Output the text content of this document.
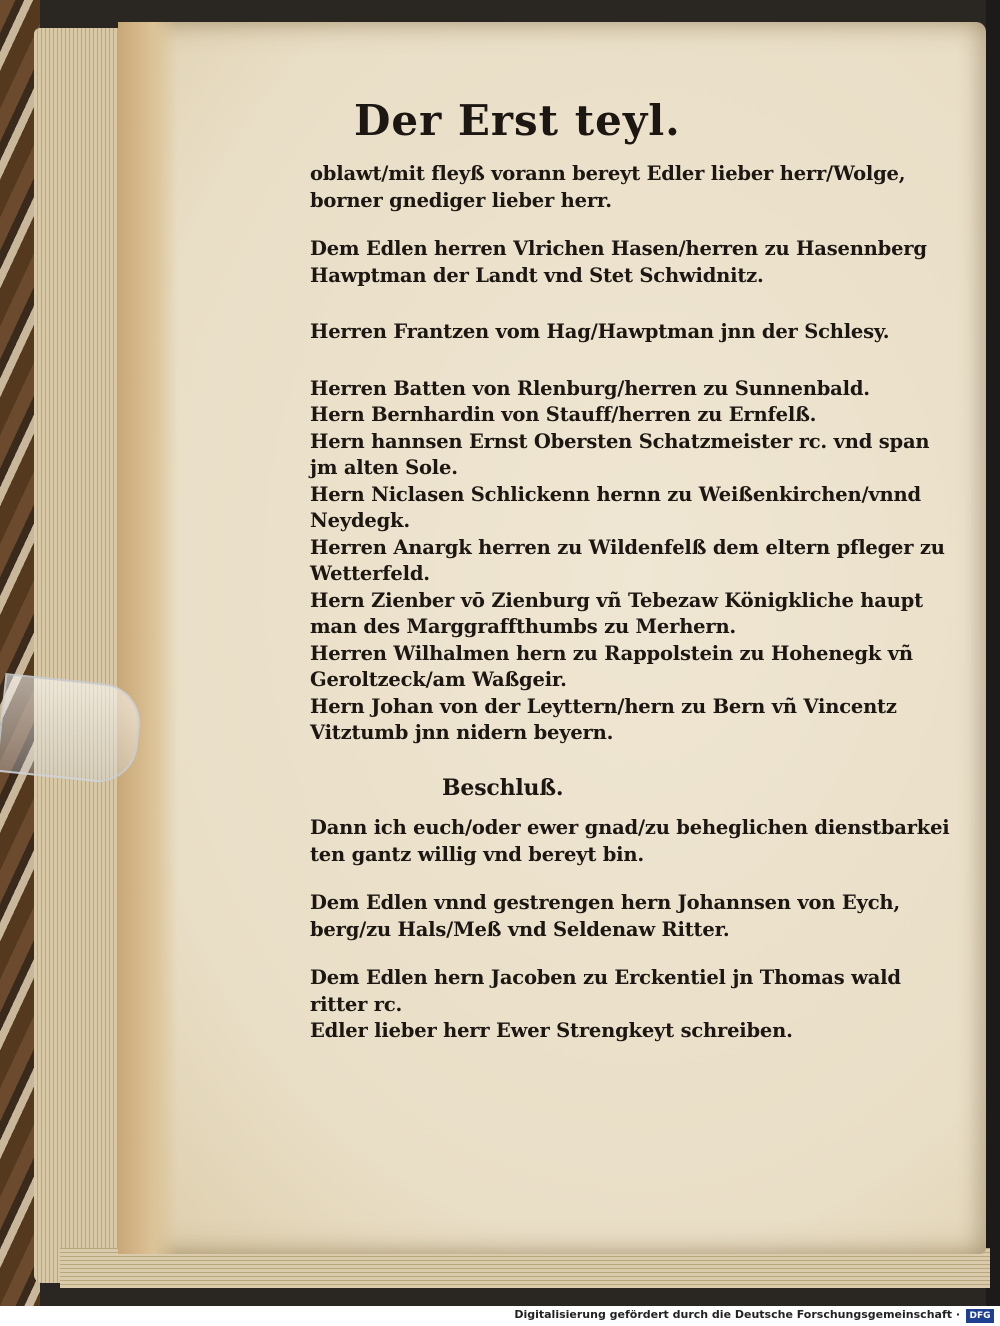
Der Erst teyl.
oblawt/mit fleyß vorann bereyt Edler lieber herr/Wolge,
borner gnediger lieber herr.
Dem Edlen herren Vlrichen Hasen/herren zu Hasennberg
Hawptman der Landt vnd Stet Schwidnitz.
Herren Frantzen vom Hag/Hawptman jnn der Schlesy.
Herren Batten von Rlenburg/herren zu Sunnenbald.
Hern Bernhardin von Stauff/herren zu Ernfelß.
Hern hannsen Ernst Obersten Schatzmeister rc. vnd span
jm alten Sole.
Hern Niclasen Schlickenn hernn zu Weißenkirchen/vnnd
Neydegk.
Herren Anargk herren zu Wildenfelß dem eltern pfleger zu
Wetterfeld.
Hern Zienber vō Zienburg vñ Tebezaw Königkliche haupt
man des Marggraffthumbs zu Merhern.
Herren Wilhalmen hern zu Rappolstein zu Hohenegk vñ
Geroltzeck/am Waßgeir.
Hern Johan von der Leyttern/hern zu Bern vñ Vincentz
Vitztumb jnn nidern beyern.
Beschluß.
Dann ich euch/oder ewer gnad/zu beheglichen dienstbarkei
ten gantz willig vnd bereyt bin.
Dem Edlen vnnd gestrengen hern Johannsen von Eych,
berg/zu Hals/Meß vnd Seldenaw Ritter.
Dem Edlen hern Jacoben zu Erckentiel jn Thomas wald
ritter rc.
Edler lieber herr Ewer Strengkeyt schreiben.
Digitalisierung gefördert durch die Deutsche Forschungsgemeinschaft ·	DFG
